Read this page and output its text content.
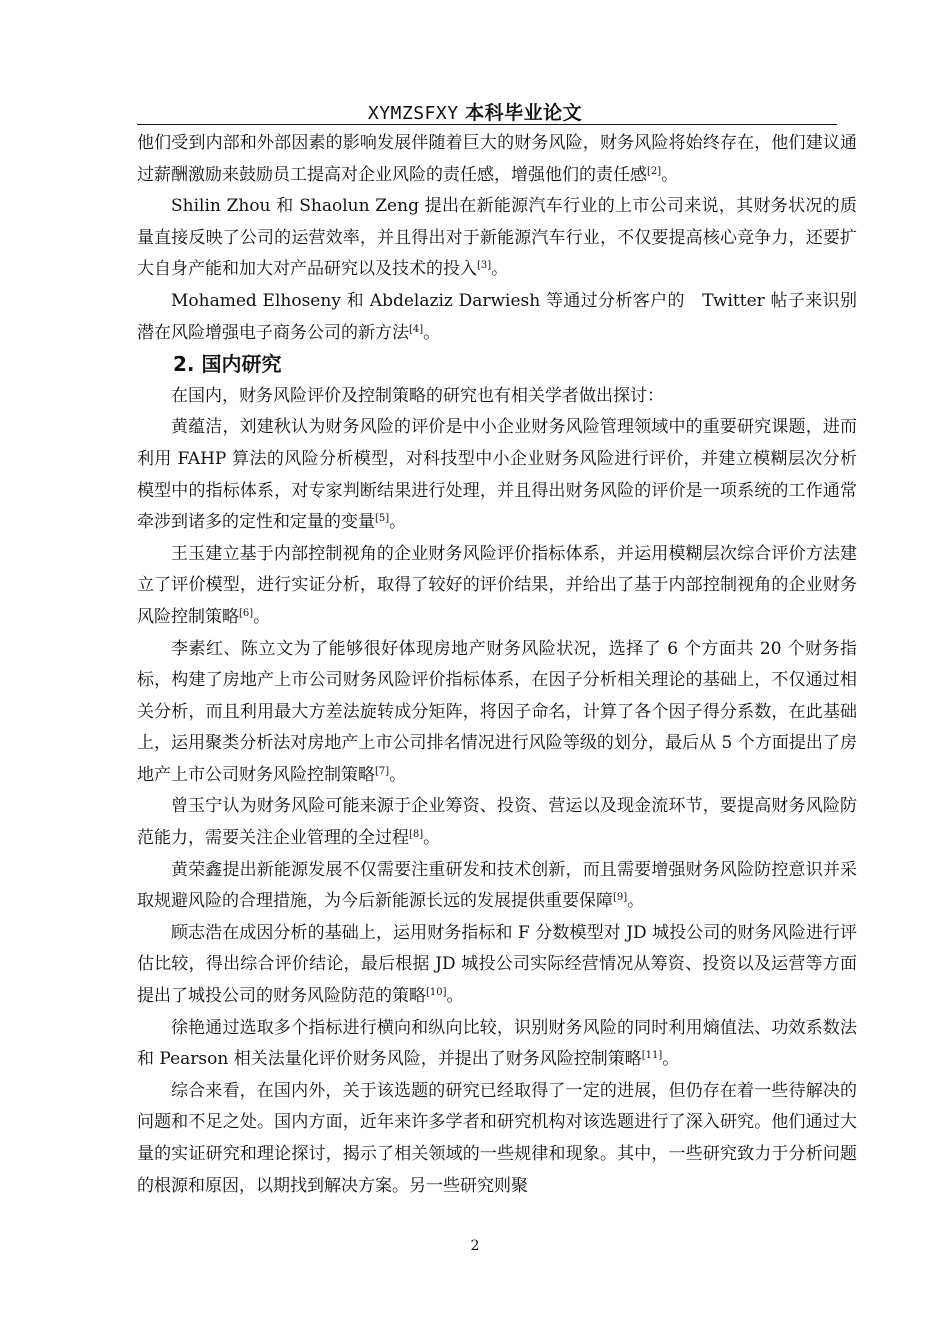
XYMZSFXY 本科毕业论文

他们受到内部和外部因素的影响发展伴随着巨大的财务风险，财务风险将始终存在，他们建议通过薪酬激励来鼓励员工提高对企业风险的责任感，增强他们的责任感[2]。

Shilin Zhou 和 Shaolun Zeng 提出在新能源汽车行业的上市公司来说，其财务状况的质量直接反映了公司的运营效率，并且得出对于新能源汽车行业，不仅要提高核心竞争力，还要扩大自身产能和加大对产品研究以及技术的投入[3]。

Mohamed Elhoseny 和 Abdelaziz Darwiesh 等通过分析客户的　Twitter 帖子来识别潜在风险增强电子商务公司的新方法[4]。

2. 国内研究

在国内，财务风险评价及控制策略的研究也有相关学者做出探讨：

黄蕴洁，刘建秋认为财务风险的评价是中小企业财务风险管理领域中的重要研究课题，进而利用 FAHP 算法的风险分析模型，对科技型中小企业财务风险进行评价，并建立模糊层次分析模型中的指标体系，对专家判断结果进行处理，并且得出财务风险的评价是一项系统的工作通常牵涉到诸多的定性和定量的变量[5]。

王玉建立基于内部控制视角的企业财务风险评价指标体系，并运用模糊层次综合评价方法建立了评价模型，进行实证分析，取得了较好的评价结果，并给出了基于内部控制视角的企业财务风险控制策略[6]。

李素红、陈立文为了能够很好体现房地产财务风险状况，选择了 6 个方面共 20 个财务指标，构建了房地产上市公司财务风险评价指标体系，在因子分析相关理论的基础上，不仅通过相关分析，而且利用最大方差法旋转成分矩阵，将因子命名，计算了各个因子得分系数，在此基础上，运用聚类分析法对房地产上市公司排名情况进行风险等级的划分，最后从 5 个方面提出了房地产上市公司财务风险控制策略[7]。

曾玉宁认为财务风险可能来源于企业筹资、投资、营运以及现金流环节，要提高财务风险防范能力，需要关注企业管理的全过程[8]。

黄荣鑫提出新能源发展不仅需要注重研发和技术创新，而且需要增强财务风险防控意识并采取规避风险的合理措施，为今后新能源长远的发展提供重要保障[9]。

顾志浩在成因分析的基础上，运用财务指标和 F 分数模型对 JD 城投公司的财务风险进行评估比较，得出综合评价结论，最后根据 JD 城投公司实际经营情况从筹资、投资以及运营等方面提出了城投公司的财务风险防范的策略[10]。

徐艳通过选取多个指标进行横向和纵向比较，识别财务风险的同时利用熵值法、功效系数法和 Pearson 相关法量化评价财务风险，并提出了财务风险控制策略[11]。

综合来看，在国内外，关于该选题的研究已经取得了一定的进展，但仍存在着一些待解决的问题和不足之处。国内方面，近年来许多学者和研究机构对该选题进行了深入研究。他们通过大量的实证研究和理论探讨，揭示了相关领域的一些规律和现象。其中，一些研究致力于分析问题的根源和原因，以期找到解决方案。另一些研究则聚

2
